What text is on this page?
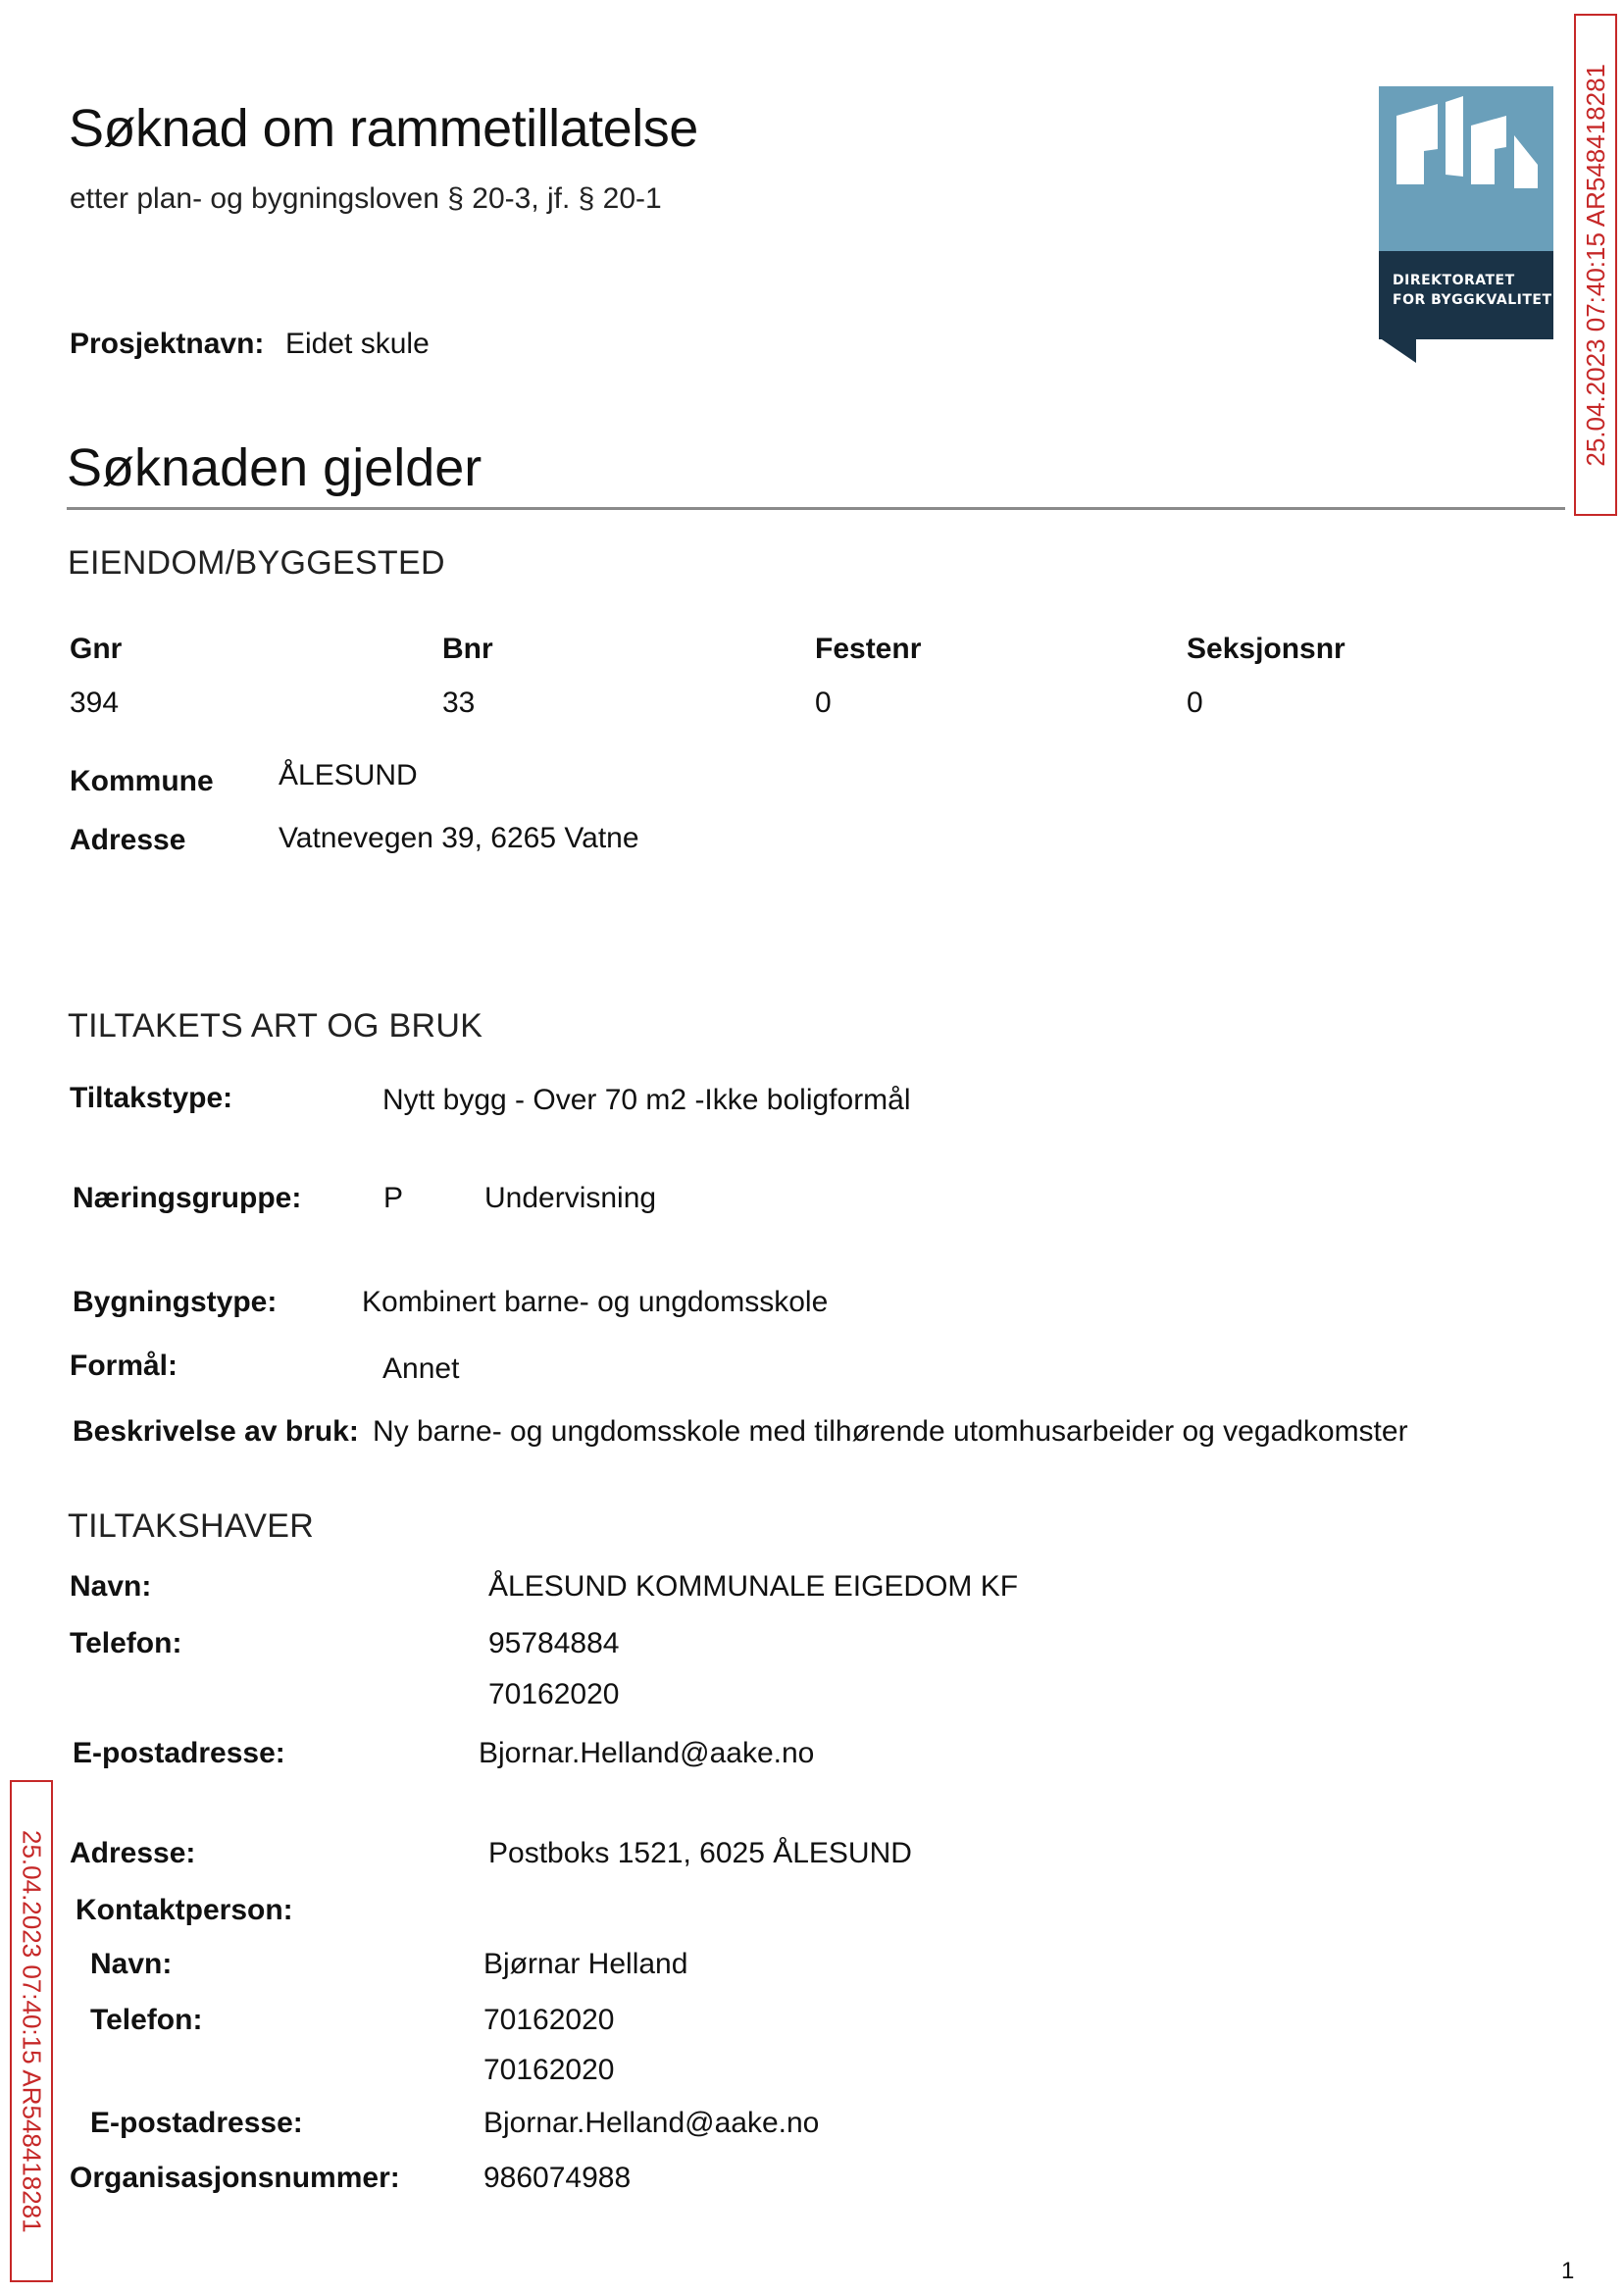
Søknad om rammetillatelse
etter plan- og bygningsloven § 20-3, jf. § 20-1
DIREKTORATET
FOR BYGGKVALITET
Prosjektnavn: Eidet skule
Søknaden gjelder
EIENDOM/BYGGESTED
Gnr	Bnr	Festenr	Seksjonsnr
394	33	0	0
Kommune ÅLESUND
Adresse	Vatnevegen 39, 6265 Vatne
TILTAKETS ART OG BRUK
Tiltakstype:	Nytt bygg - Over 70 m2 -Ikke boligformål
Næringsgruppe:	P	Undervisning
Bygningstype:	Kombinert barne- og ungdomsskole
Formål:	Annet
Beskrivelse av bruk: Ny barne- og ungdomsskole med tilhørende utomhusarbeider og vegadkomster
TILTAKSHAVER
Navn:	ÅLESUND KOMMUNALE EIGEDOM KF
Telefon:	95784884
70162020
E-postadresse:	Bjornar.Helland@aake.no
Adresse:	Postboks 1521, 6025 ÅLESUND
Kontaktperson:
Navn:	Bjørnar Helland
Telefon:	70162020
70162020
E-postadresse:	Bjornar.Helland@aake.no
Organisasjonsnummer:	986074988
25.04.2023 07:40:15 AR548418281
25.04.2023 07:40:15 AR548418281
1
